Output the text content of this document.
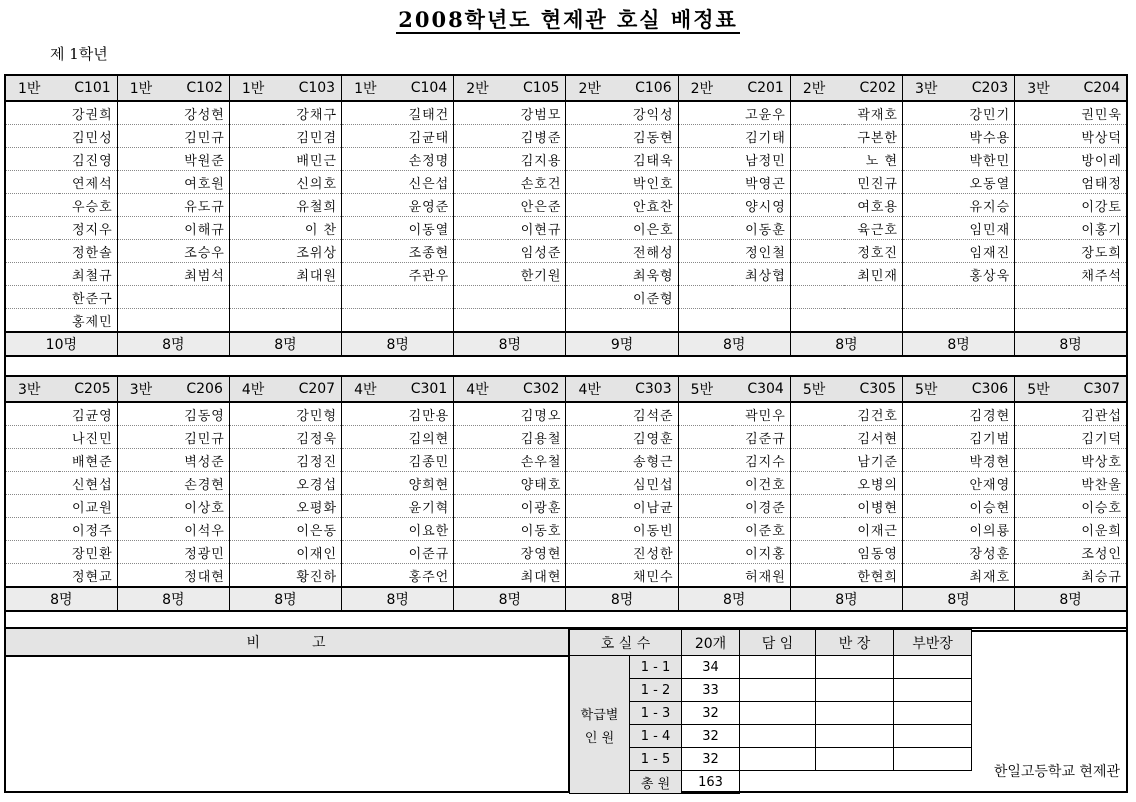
2008학년도 현제관 호실 배정표
제 1학년
1반	C101	1반	C102	1반	C103	1반	C104	2반	C105	2반	C106	2반	C201	2반	C202	3반	C203	3반	C204
	강권희		강성현		강채구		길태건		강범모		강익성		고윤우		곽재호		강민기		권민욱
	김민성		김민규		김민겸		김균태		김병준		김동현		김기태		구본한		박수용		박상덕
	김진영		박원준		배민근		손정명		김지용		김태욱		남정민		노 현		박한민		방이레
	연제석		여호원		신의호		신은섭		손호건		박인호		박영곤		민진규		오동열		엄태정
	우승호		유도규		유철희		윤영준		안은준		안효찬		양시영		여호용		유지승		이강토
	정지우		이해규		이 찬		이동열		이현규		이은호		이동훈		육근호		임민재		이홍기
	정한솔		조승우		조위상		조종현		임성준		전해성		정인철		정호진		임재진		장도희
	최철규		최범석		최대원		주관우		한기원		최욱형		최상협		최민재		홍상욱		채주석
	한준구										이준형								
	홍제민																		
10명		8명		8명		8명		8명		9명		8명		8명		8명		8명	

3반	C205	3반	C206	4반	C207	4반	C301	4반	C302	4반	C303	5반	C304	5반	C305	5반	C306	5반	C307
	김균영		김동영		강민형		김만용		김명오		김석준		곽민우		김건호		김경현		김관섭
	나진민		김민규		김정욱		김의현		김용철		김영훈		김준규		김서현		김기범		김기덕
	배현준		벽성준		김정진		김종민		손우철		송형근		김지수		남기준		박경현		박상호
	신현섭		손경현		오경섭		양희현		양태호		심민섭		이건호		오병의		안재영		박찬울
	이교원		이상호		오평화		윤기혁		이광훈		이남균		이경준		이병현		이승현		이승호
	이정주		이석우		이은동		이요한		이동호		이동빈		이준호		이재근		이의룡		이운희
	장민환		정광민		이재인		이준규		장영현		진성한		이지홍		임동영		장성훈		조성인
	정현교		정대현		황진하		홍주언		최대현		채민수		허재원		한현희		최재호		최승규
8명		8명		8명		8명		8명		8명		8명		8명		8명		8명	

비	고	호 실 수		20개	담 임	반 장	부반장

학급별
인 원	1 - 1	34			
	1 - 2	33			
	1 - 3	32			
	1 - 4	32			
	1 - 5	32			
	총 원	163			
한일고등학교 현제관
